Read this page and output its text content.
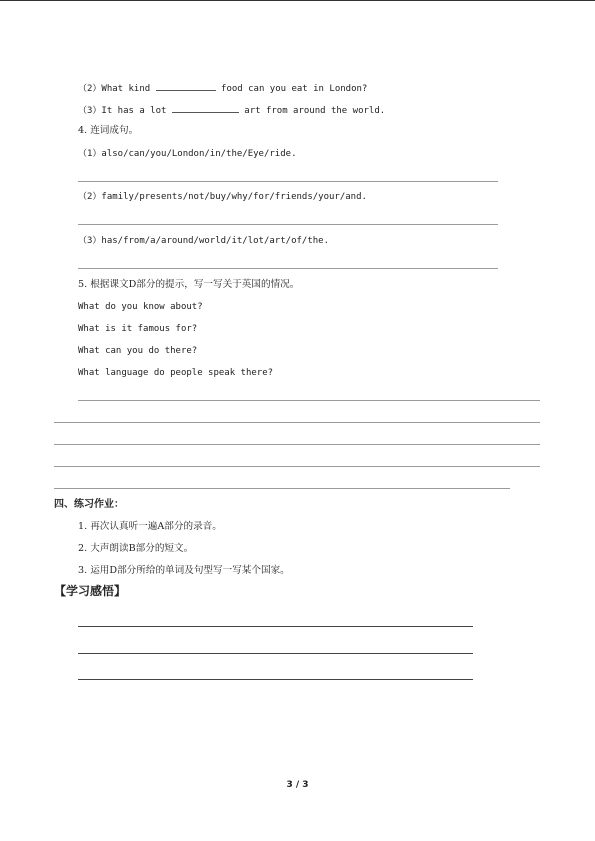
（2）What kind	food can you eat in London?
（3）It has a lot	art from around the world.
4. 连词成句。
（1）also/can/you/London/in/the/Eye/ride.
（2）family/presents/not/buy/why/for/friends/your/and.
（3）has/from/a/around/world/it/lot/art/of/the.
5. 根据课文D部分的提示，写一写关于英国的情况。
What do you know about?
What is it famous for?
What can you do there?
What language do people speak there?
四、练习作业：
1. 再次认真听一遍A部分的录音。
2. 大声朗读B部分的短文。
3. 运用D部分所给的单词及句型写一写某个国家。
【学习感悟】
3 / 3
